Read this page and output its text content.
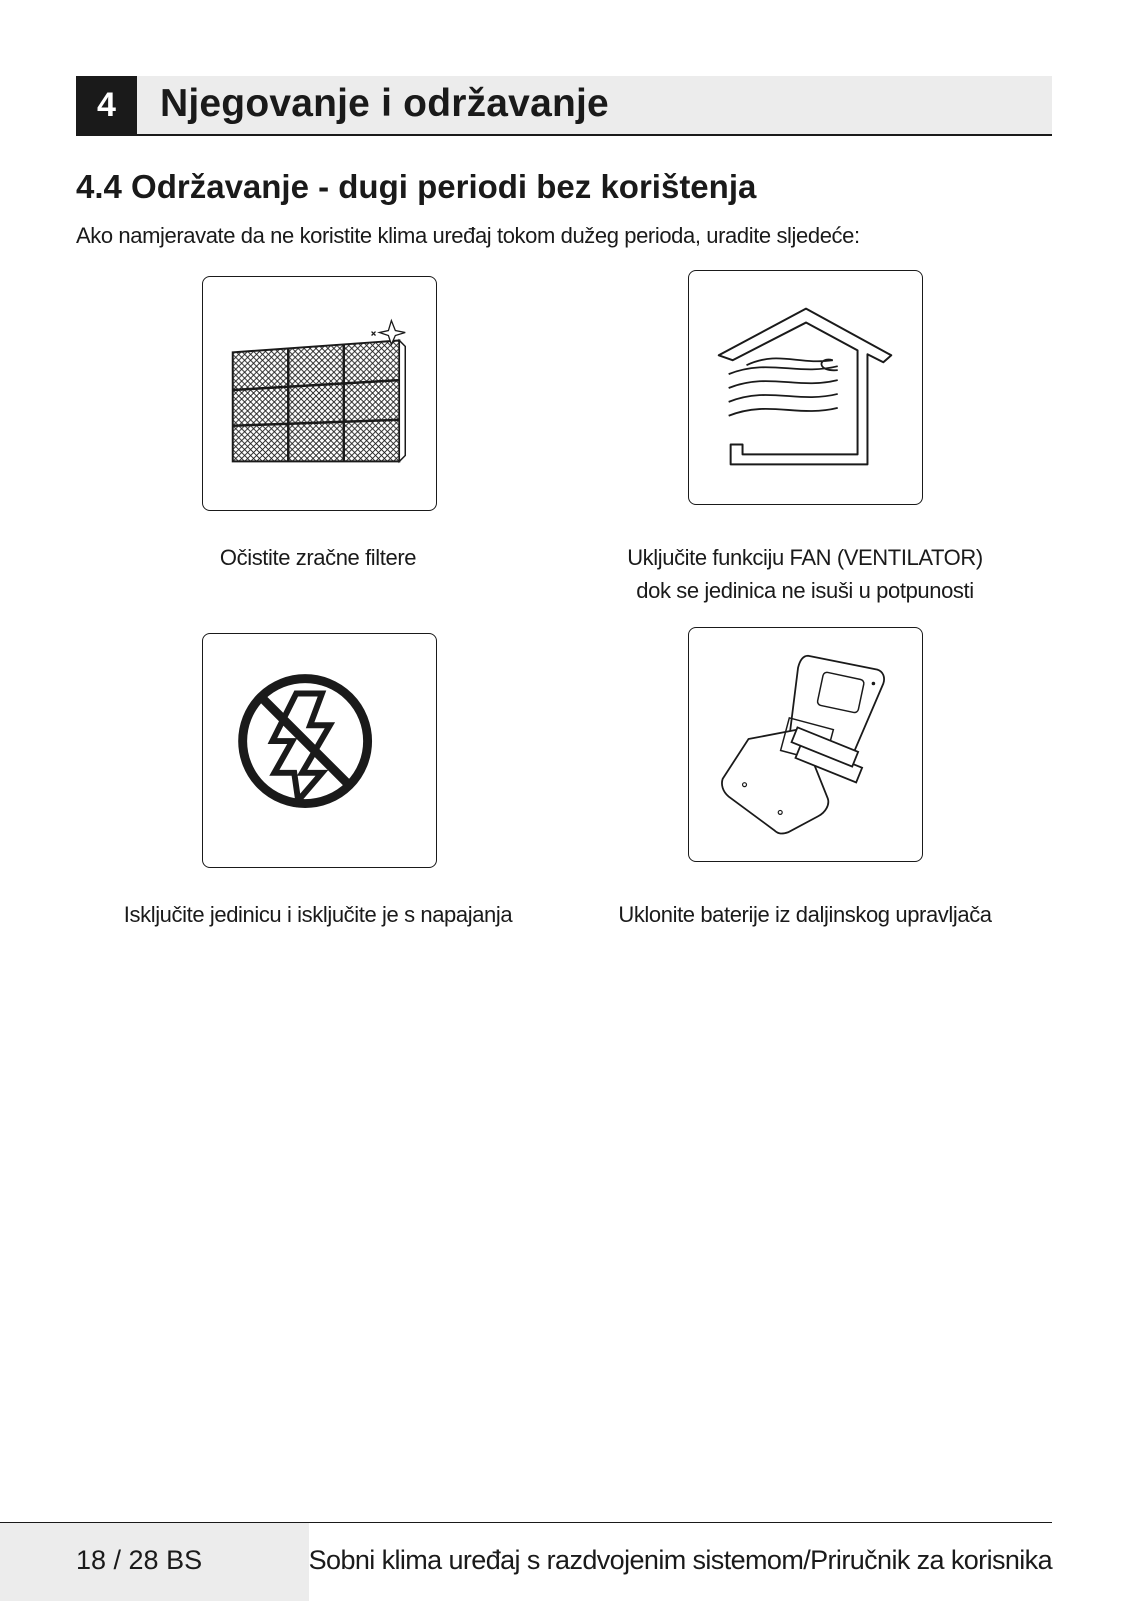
4	Njegovanje i održavanje
4.4 Održavanje - dugi periodi bez korištenja
Ako namjeravate da ne koristite klima uređaj tokom dužeg perioda, uradite sljedeće:
Očistite zračne filtere	Uključite funkciju FAN (VENTILATOR)
dok se jedinica ne isuši u potpunosti
Isključite jedinicu i isključite je s napajanja	Uklonite baterije iz daljinskog upravljača
18 / 28 BS	Sobni klima uređaj s razdvojenim sistemom/Priručnik za korisnika
